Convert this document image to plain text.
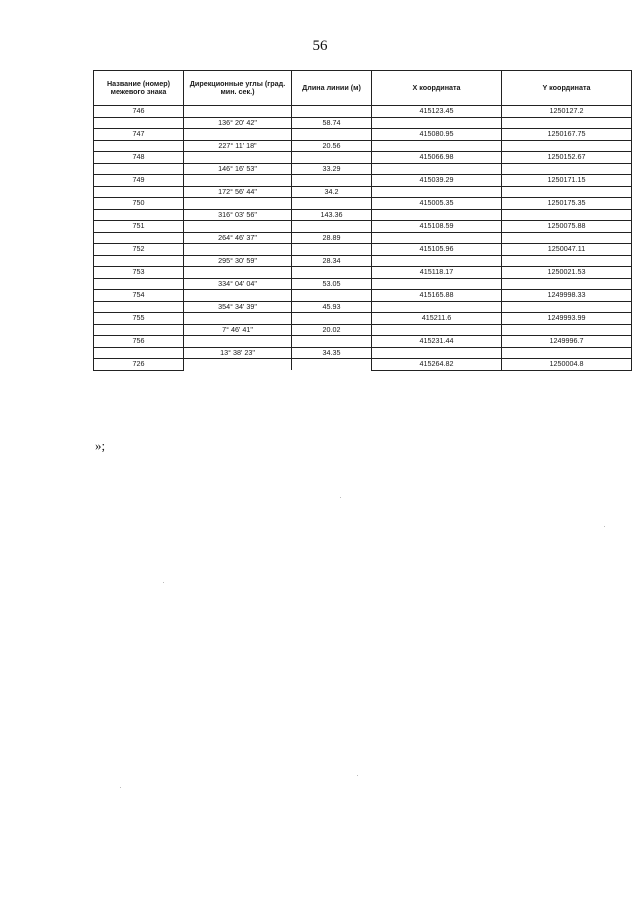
56
Название (номер) межевого знака	Дирекционные углы (град. мин. сек.)	Длина линии (м)	X координата	Y координата
746			415123.45	1250127.2
	136° 20' 42"	58.74		
747			415080.95	1250167.75
	227° 11' 18"	20.56		
748			415066.98	1250152.67
	146° 16' 53"	33.29		
749			415039.29	1250171.15
	172° 56' 44"	34.2		
750			415005.35	1250175.35
	316° 03' 56"	143.36		
751			415108.59	1250075.88
	264° 46' 37"	28.89		
752			415105.96	1250047.11
	295° 30' 59"	28.34		
753			415118.17	1250021.53
	334° 04' 04"	53.05		
754			415165.88	1249998.33
	354° 34' 39"	45.93		
755			415211.6	1249993.99
	7° 46' 41"	20.02		
756			415231.44	1249996.7
	13° 38' 23"	34.35		
726			415264.82	1250004.8
»;
